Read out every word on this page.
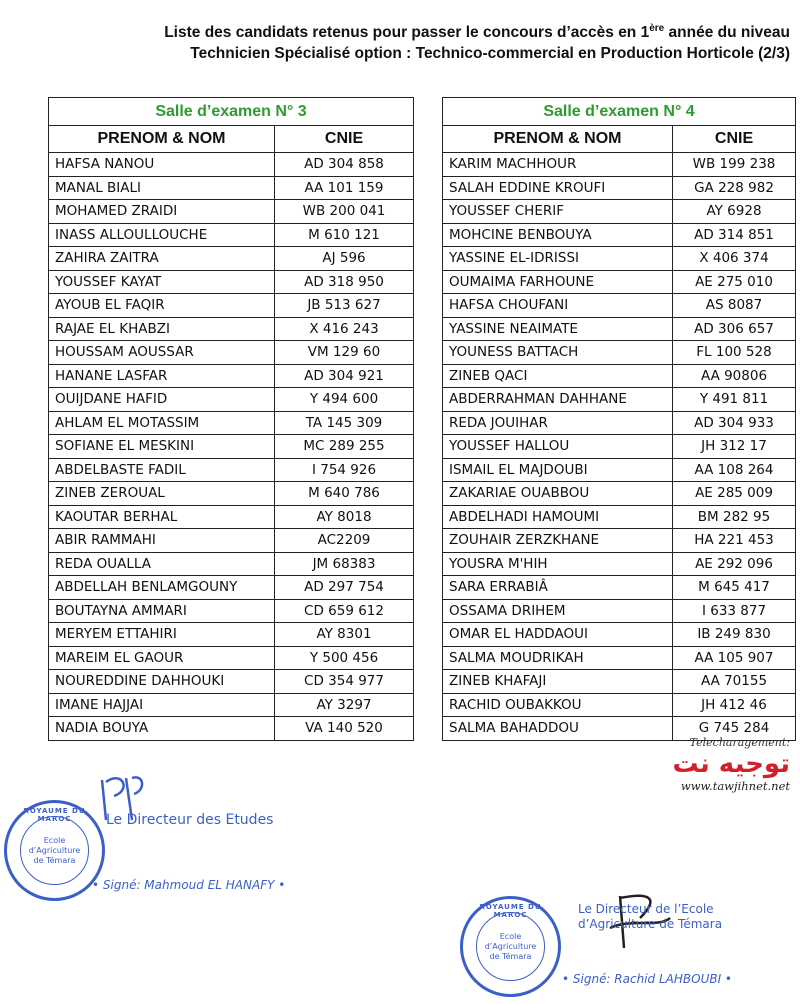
Liste des candidats retenus pour passer le concours d’accès en 1ère année du niveau
Technicien Spécialisé option : Technico-commercial en Production Horticole (2/3)
Salle d’examen N° 3	
PRENOM & NOM	CNIE
HAFSA NANOU	AD 304 858
MANAL BIALI	AA 101 159
MOHAMED ZRAIDI	WB 200 041
INASS ALLOULLOUCHE	M 610 121
ZAHIRA ZAITRA	AJ 596
YOUSSEF KAYAT	AD 318 950
AYOUB EL FAQIR	JB 513 627
RAJAE EL KHABZI	X 416 243
HOUSSAM AOUSSAR	VM 129 60
HANANE LASFAR	AD 304 921
OUIJDANE HAFID	Y 494 600
AHLAM EL MOTASSIM	TA 145 309
SOFIANE EL MESKINI	MC 289 255
ABDELBASTE FADIL	I 754 926
ZINEB ZEROUAL	M 640 786
KAOUTAR BERHAL	AY 8018
ABIR RAMMAHI	AC2209
REDA OUALLA	JM 68383
ABDELLAH BENLAMGOUNY	AD 297 754
BOUTAYNA AMMARI	CD 659 612
MERYEM ETTAHIRI	AY 8301
MAREIM EL GAOUR	Y 500 456
NOUREDDINE DAHHOUKI	CD 354 977
IMANE HAJJAI	AY 3297
NADIA BOUYA	VA 140 520
Salle d’examen N° 4	
PRENOM & NOM	CNIE
KARIM MACHHOUR	WB 199 238
SALAH EDDINE KROUFI	GA 228 982
YOUSSEF CHERIF	AY 6928
MOHCINE BENBOUYA	AD 314 851
YASSINE EL-IDRISSI	X 406 374
OUMAIMA FARHOUNE	AE 275 010
HAFSA CHOUFANI	AS 8087
YASSINE NEAIMATE	AD 306 657
YOUNESS BATTACH	FL 100 528
ZINEB QACI	AA 90806
ABDERRAHMAN DAHHANE	Y 491 811
REDA JOUIHAR	AD 304 933
YOUSSEF HALLOU	JH 312 17
ISMAIL EL MAJDOUBI	AA 108 264
ZAKARIAE OUABBOU	AE 285 009
ABDELHADI HAMOUMI	BM 282 95
ZOUHAIR ZERZKHANE	HA 221 453
YOUSRA M'HIH	AE 292 096
SARA ERRABIÂ	M 645 417
OSSAMA DRIHEM	I 633 877
OMAR EL HADDAOUI	IB 249 830
SALMA MOUDRIKAH	AA 105 907
ZINEB KHAFAJI	AA 70155
RACHID OUBAKKOU	JH 412 46
SALMA BAHADDOU	G 745 284
Telecharagement:
توجيه نت
www.tawjihnet.net
ROYAUME DU MAROC
Ecole
d’Agriculture
de Témara
Le Directeur des Etudes
• Signé: Mahmoud EL HANAFY •
ROYAUME DU MAROC
Ecole
d’Agriculture
de Témara
Le Directeur de l’Ecole d’Agriculture de Témara
• Signé: Rachid LAHBOUBI •
